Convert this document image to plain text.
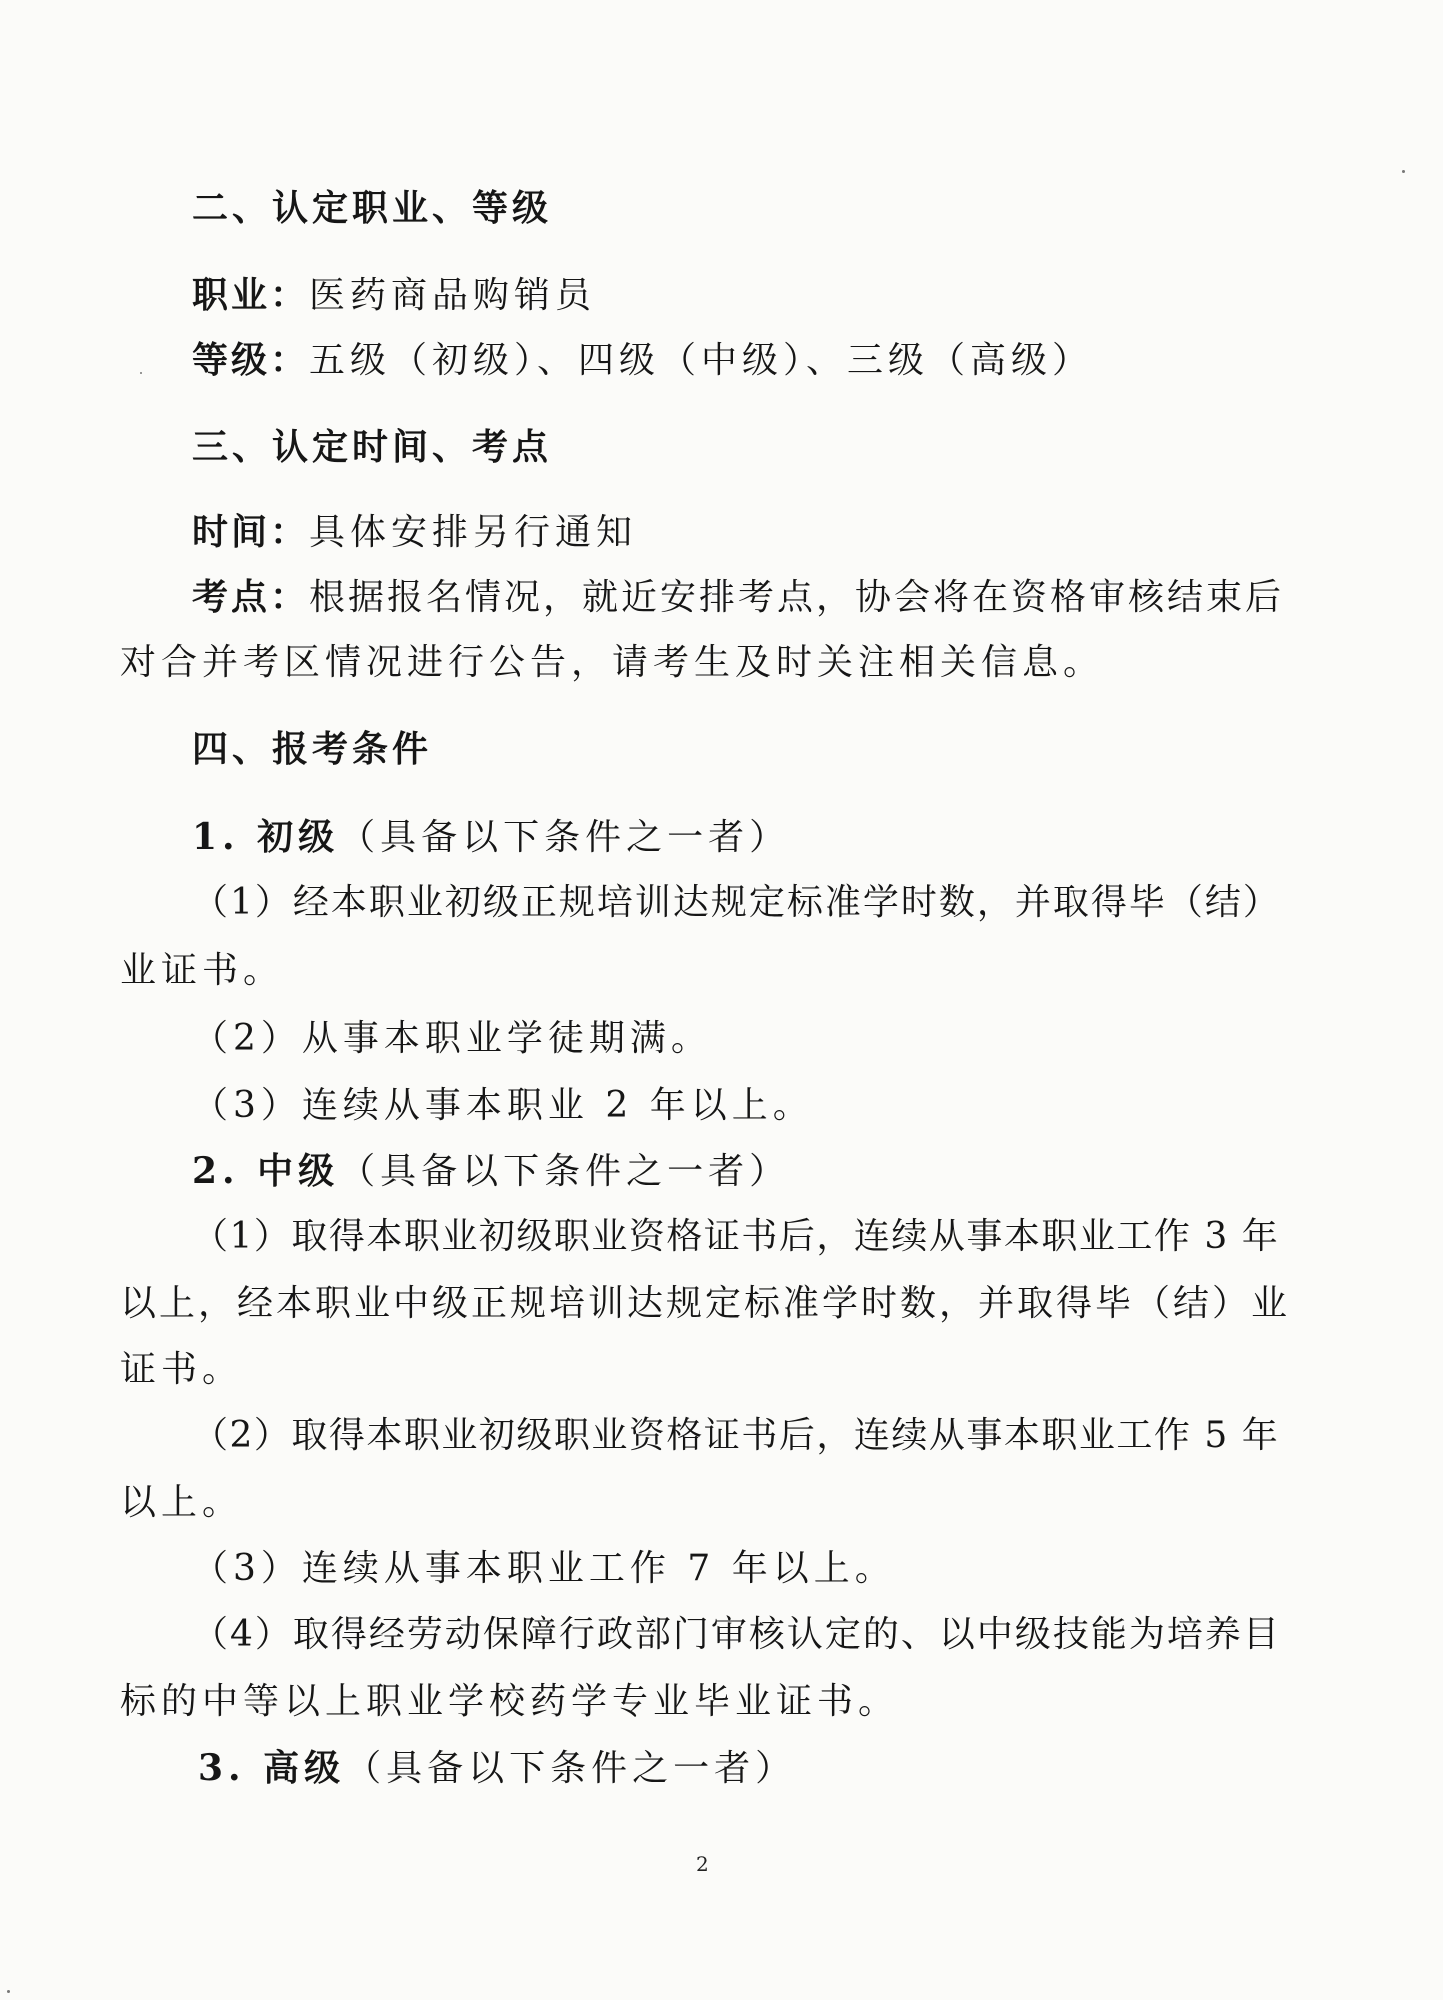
二、认定职业、等级
职业：医药商品购销员
等级：五级（初级）、四级（中级）、三级（高级）
三、认定时间、考点
时间：具体安排另行通知
考点：根据报名情况，就近安排考点，协会将在资格审核结束后
对合并考区情况进行公告，请考生及时关注相关信息。
四、报考条件
1. 初级（具备以下条件之一者）
（1）经本职业初级正规培训达规定标准学时数，并取得毕（结）
业证书。
（2）从事本职业学徒期满。
（3）连续从事本职业 2 年以上。
2. 中级（具备以下条件之一者）
（1）取得本职业初级职业资格证书后，连续从事本职业工作 3 年
以上，经本职业中级正规培训达规定标准学时数，并取得毕（结）业
证书。
（2）取得本职业初级职业资格证书后，连续从事本职业工作 5 年
以上。
（3）连续从事本职业工作 7 年以上。
（4）取得经劳动保障行政部门审核认定的、以中级技能为培养目
标的中等以上职业学校药学专业毕业证书。
3. 高级（具备以下条件之一者）
2
